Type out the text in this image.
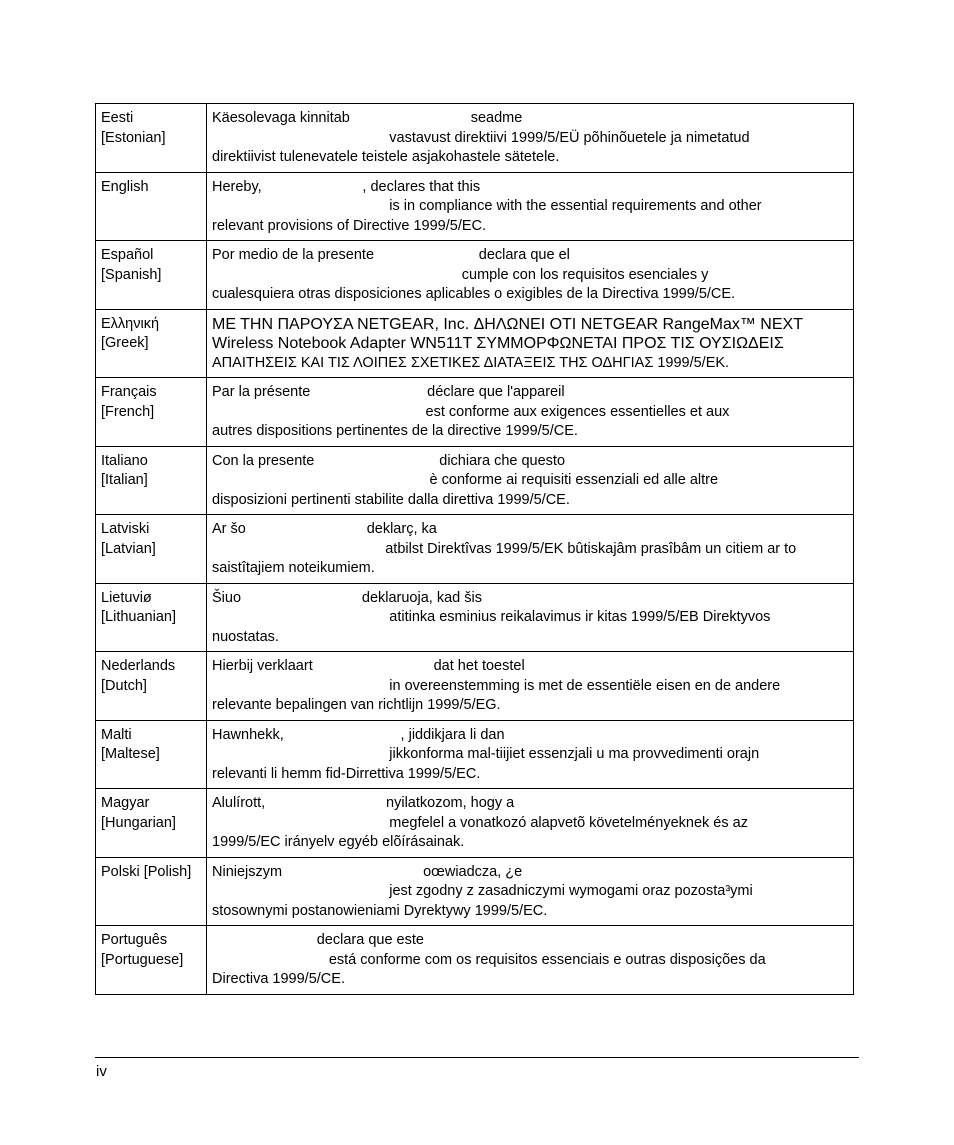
Eesti
[Estonian]	Käesolevaga kinnitab                              seadme
vastavust direktiivi 1999/5/EÜ põhinõuetele ja nimetatud
direktiivist tulenevatele teistele asjakohastele sätetele.

English	Hereby,                         , declares that this
is in compliance with the essential requirements and other
relevant provisions of Directive 1999/5/EC.

Español
[Spanish]	Por medio de la presente                          declara que el
cumple con los requisitos esenciales y
cualesquiera otras disposiciones aplicables o exigibles de la Directiva 1999/5/CE.

Ελληνική
[Greek]	ΜΕ ΤΗΝ ΠΑΡΟΥΣΑ NETGEAR, Inc. ΔΗΛΩΝΕΙ ΟΤΙ NETGEAR RangeMax™ NEXT
Wireless Notebook Adapter WN511T ΣΥΜΜΟΡΦΩΝΕΤΑΙ ΠΡΟΣ ΤΙΣ ΟΥΣΙΩΔΕΙΣ
ΑΠΑΙΤΗΣΕΙΣ ΚΑΙ ΤΙΣ ΛΟΙΠΕΣ ΣΧΕΤΙΚΕΣ ΔΙΑΤΑΞΕΙΣ ΤΗΣ ΟΔΗΓΙΑΣ 1999/5/ΕΚ.

Français
[French]	Par la présente                             déclare que l'appareil
est conforme aux exigences essentielles et aux
autres dispositions pertinentes de la directive 1999/5/CE.

Italiano
[Italian]	Con la presente                               dichiara che questo
è conforme ai requisiti essenziali ed alle altre
disposizioni pertinenti stabilite dalla direttiva 1999/5/CE.

Latviski
[Latvian]	Ar šo                              deklarç, ka
atbilst Direktîvas 1999/5/EK bûtiskajâm prasîbâm un citiem ar to
saistîtajiem noteikumiem.

Lietuviø
[Lithuanian]	Šiuo                              deklaruoja, kad šis
atitinka esminius reikalavimus ir kitas 1999/5/EB Direktyvos
nuostatas.

Nederlands
[Dutch]	Hierbij verklaart                              dat het toestel
in overeenstemming is met de essentiële eisen en de andere
relevante bepalingen van richtlijn 1999/5/EG.

Malti
[Maltese]	Hawnhekk,                             , jiddikjara li dan
jikkonforma mal-tiijiet essenzjali u ma provvedimenti orajn
relevanti li hemm fid-Dirrettiva 1999/5/EC.

Magyar
[Hungarian]	Alulírott,                              nyilatkozom, hogy a
megfelel a vonatkozó alapvetõ követelményeknek és az
1999/5/EC irányelv egyéb elõírásainak.

Polski [Polish]	Niniejszym                                   oœwiadcza, ¿e
jest zgodny z zasadniczymi wymogami oraz pozosta³ymi
stosownymi postanowieniami Dyrektywy 1999/5/EC.

Português
[Portuguese]	declara que este
está conforme com os requisitos essenciais e outras disposições da
Directiva 1999/5/CE.
iv
